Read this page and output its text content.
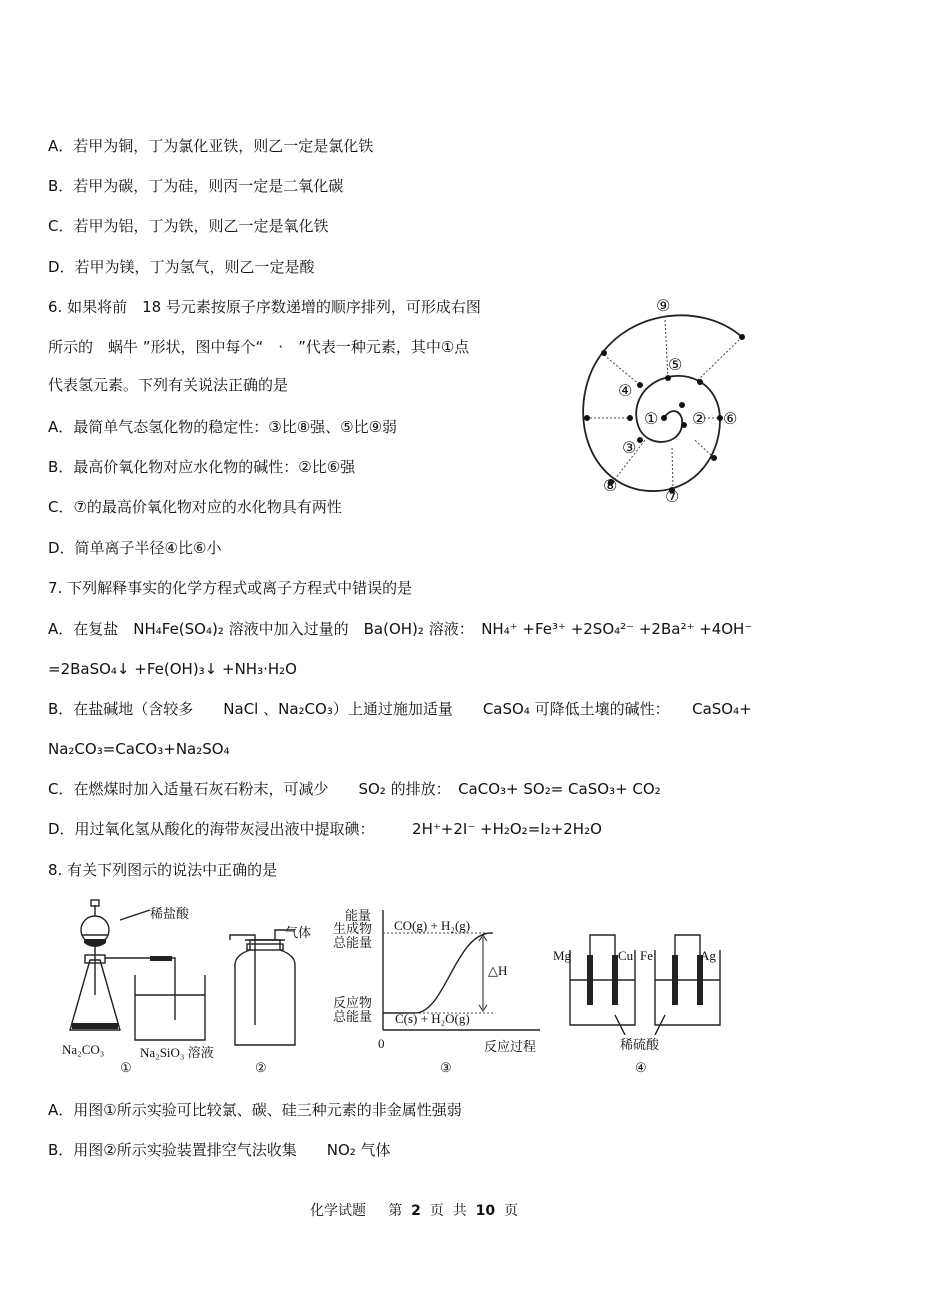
A．若甲为铜，丁为氯化亚铁，则乙一定是氯化铁
B．若甲为碳，丁为硅，则丙一定是二氧化碳
C．若甲为铝，丁为铁，则乙一定是氧化铁
D．若甲为镁，丁为氢气，则乙一定是酸
6. 如果将前　18 号元素按原子序数递增的顺序排列，可形成右图
所示的　蜗牛 ”形状，图中每个“　·　”代表一种元素，其中①点
代表氢元素。下列有关说法正确的是
A．最简单气态氢化物的稳定性：③比⑧强、⑤比⑨弱
B．最高价氧化物对应水化物的碱性：②比⑥强
C．⑦的最高价氧化物对应的水化物具有两性
D．简单离子半径④比⑥小
7. 下列解释事实的化学方程式或离子方程式中错误的是
A．在复盐　NH₄Fe(SO₄)₂ 溶液中加入过量的　Ba(OH)₂ 溶液：　NH₄⁺ +Fe³⁺ +2SO₄²⁻ +2Ba²⁺ +4OH⁻
=2BaSO₄↓ +Fe(OH)₃↓ +NH₃·H₂O
B．在盐碱地（含较多　　NaCl 、Na₂CO₃）上通过施加适量　　CaSO₄ 可降低土壤的碱性：　　CaSO₄+
Na₂CO₃=CaCO₃+Na₂SO₄
C．在燃煤时加入适量石灰石粉末，可减少　　SO₂ 的排放：　CaCO₃+ SO₂= CaSO₃+ CO₂
D．用过氧化氢从酸化的海带灰浸出液中提取碘：　　　2H⁺+2I⁻ +H₂O₂=I₂+2H₂O
8. 有关下列图示的说法中正确的是
A．用图①所示实验可比较氯、碳、硅三种元素的非金属性强弱
B．用图②所示实验装置排空气法收集　　NO₂ 气体
⑨
⑤
④
① ② ⑥
③
⑧
⑦
稀盐酸
Na₂CO₃	Na₂SiO₃ 溶液
①
气体
②
能量
生成物
总能量
CO(g) + H₂(g)
△H
反应物
总能量 C(s) + H₂O(g)
0	反应过程
③
Mg	Cu Fe	Ag
稀硫酸
④
化学试题 第 2 页 共 10 页
